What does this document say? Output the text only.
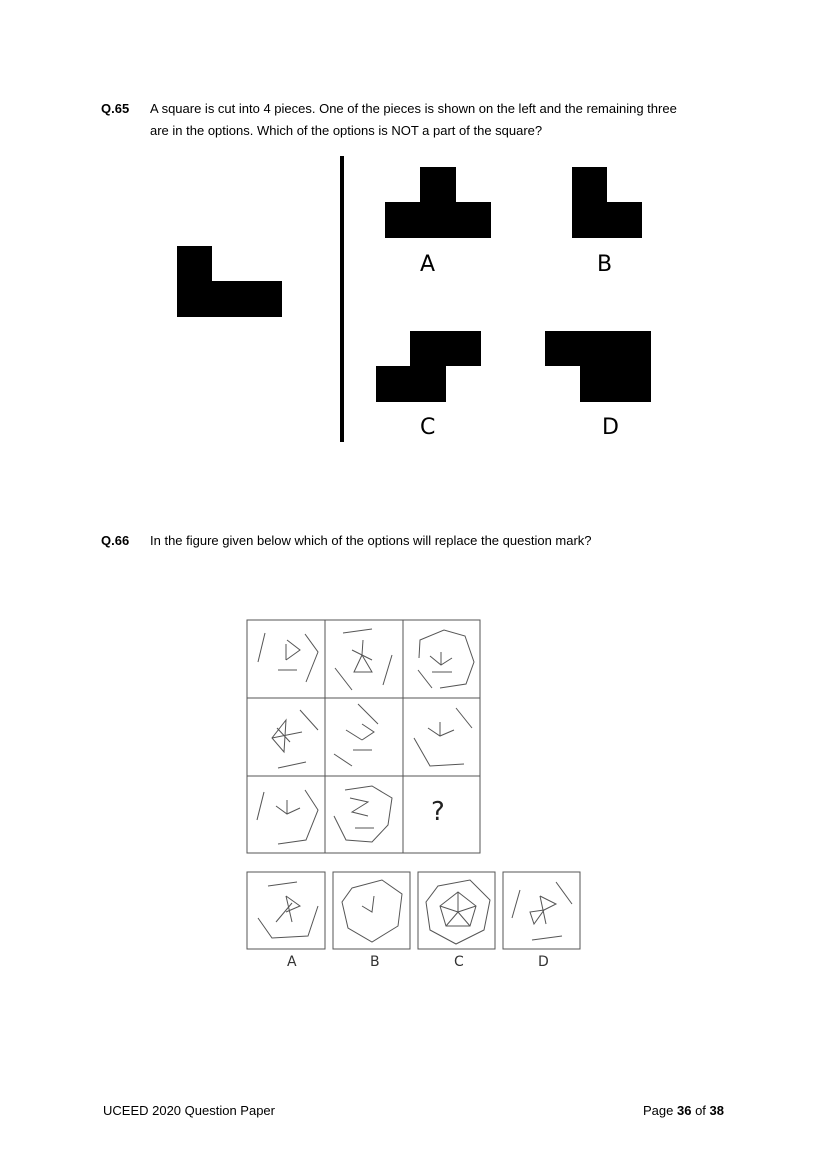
Q.65 A square is cut into 4 pieces. One of the pieces is shown on the left and the remaining three
are in the options. Which of the options is NOT a part of the square?
A	B
C	D
Q.66 In the figure given below which of the options will replace the question mark?
?
A	B	C	D
UCEED 2020 Question Paper	Page 36 of 38
